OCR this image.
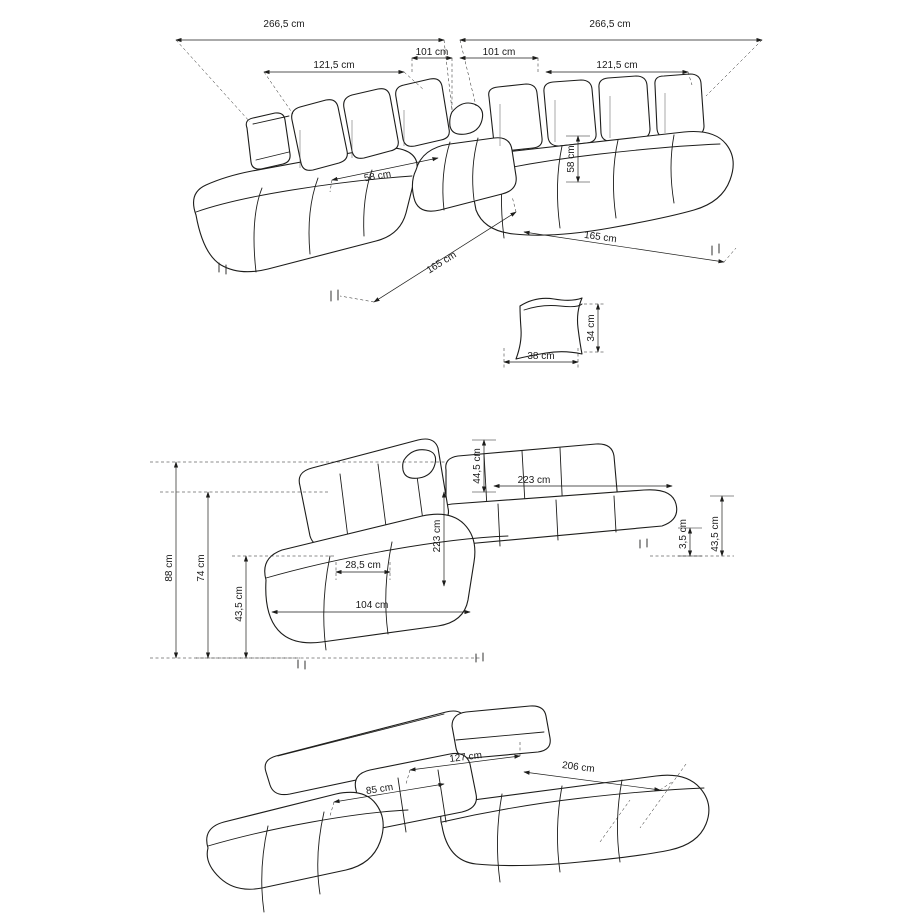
266,5 cm	266,5 cm
121,5 cm
101 cm	101 cm
121,5 cm
58 cm
58 cm
165 cm
165 cm
38 cm
34 cm
88 cm 74 cm
43,5 cm
44,5 cm	223 cm
223 cm
28,5 cm
104 cm
3,5 cm 43,5 cm
127 cm
206 cm
85 cm
